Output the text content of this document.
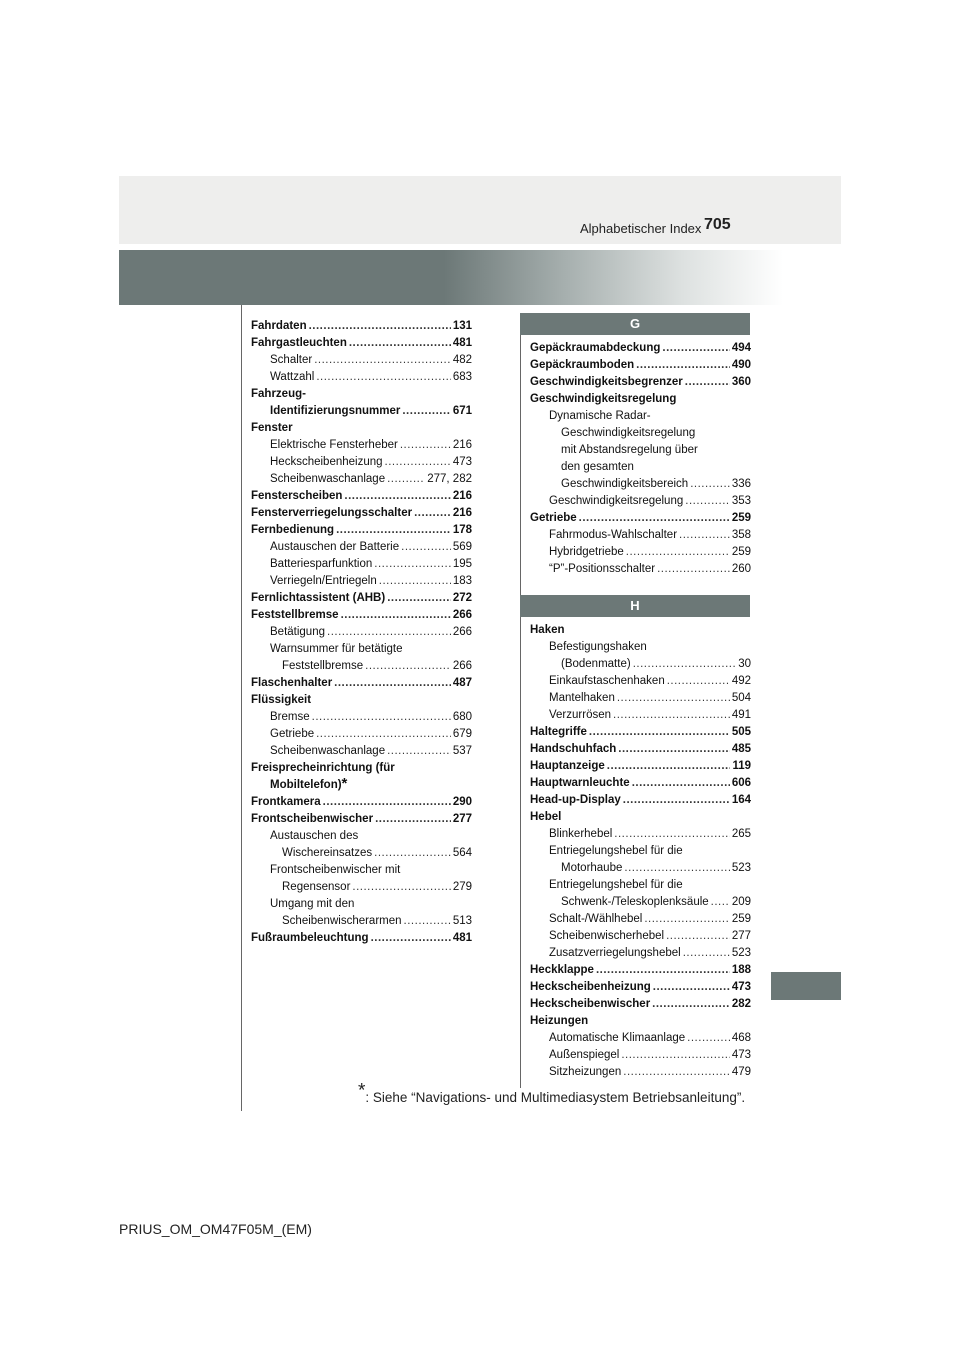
705
Alphabetischer Index
Fahrdaten .....	131
Fahrgastleuchten .....	481
Schalter .....	482
Wattzahl .....	683
Fahrzeug-
Identifizierungsnummer .....	671
Fenster
Elektrische Fensterheber .....	216
Heckscheibenheizung .....	473
Scheibenwaschanlage .....	277, 282
Fensterscheiben .....	216
Fensterverriegelungsschalter .....	216
Fernbedienung .....	178
Austauschen der Batterie .....	569
Batteriesparfunktion .....	195
Verriegeln/Entriegeln .....	183
Fernlichtassistent (AHB) .....	272
Feststellbremse .....	266
Betätigung .....	266
Warnsummer für betätigte
Feststellbremse .....	266
Flaschenhalter .....	487
Flüssigkeit
Bremse .....	680
Getriebe .....	679
Scheibenwaschanlage .....	537
Freisprecheinrichtung (für
Mobiltelefon) *
Frontkamera .....	290
Frontscheibenwischer .....	277
Austauschen des
Wischereinsatzes .....	564
Frontscheibenwischer mit
Regensensor .....	279
Umgang mit den
Scheibenwischerarmen .....	513
Fußraumbeleuchtung .....	481
G
Gepäckraumabdeckung .....	494
Gepäckraumboden .....	490
Geschwindigkeitsbegrenzer .....	360
Geschwindigkeitsregelung
Dynamische Radar-
Geschwindigkeitsregelung
mit Abstandsregelung über
den gesamten
Geschwindigkeitsbereich .....	336
Geschwindigkeitsregelung .....	353
Getriebe .....	259
Fahrmodus-Wahlschalter .....	358
Hybridgetriebe .....	259
“P”-Positionsschalter .....	260
H
Haken
Befestigungshaken
(Bodenmatte) .....	30
Einkaufstaschenhaken .....	492
Mantelhaken .....	504
Verzurrösen .....	491
Haltegriffe .....	505
Handschuhfach .....	485
Hauptanzeige .....	119
Hauptwarnleuchte .....	606
Head-up-Display .....	164
Hebel
Blinkerhebel .....	265
Entriegelungshebel für die
Motorhaube .....	523
Entriegelungshebel für die
Schwenk-/Teleskoplenksäule ..... 209
Schalt-/Wählhebel .....	259
Scheibenwischerhebel .....	277
Zusatzverriegelungshebel .....	523
Heckklappe .....	188
Heckscheibenheizung .....	473
Heckscheibenwischer .....	282
Heizungen
Automatische Klimaanlage .....	468
Außenspiegel .....	473
Sitzheizungen .....	479
*: Siehe “Navigations- und Multimediasystem Betriebsanleitung”.
PRIUS_OM_OM47F05M_(EM)
